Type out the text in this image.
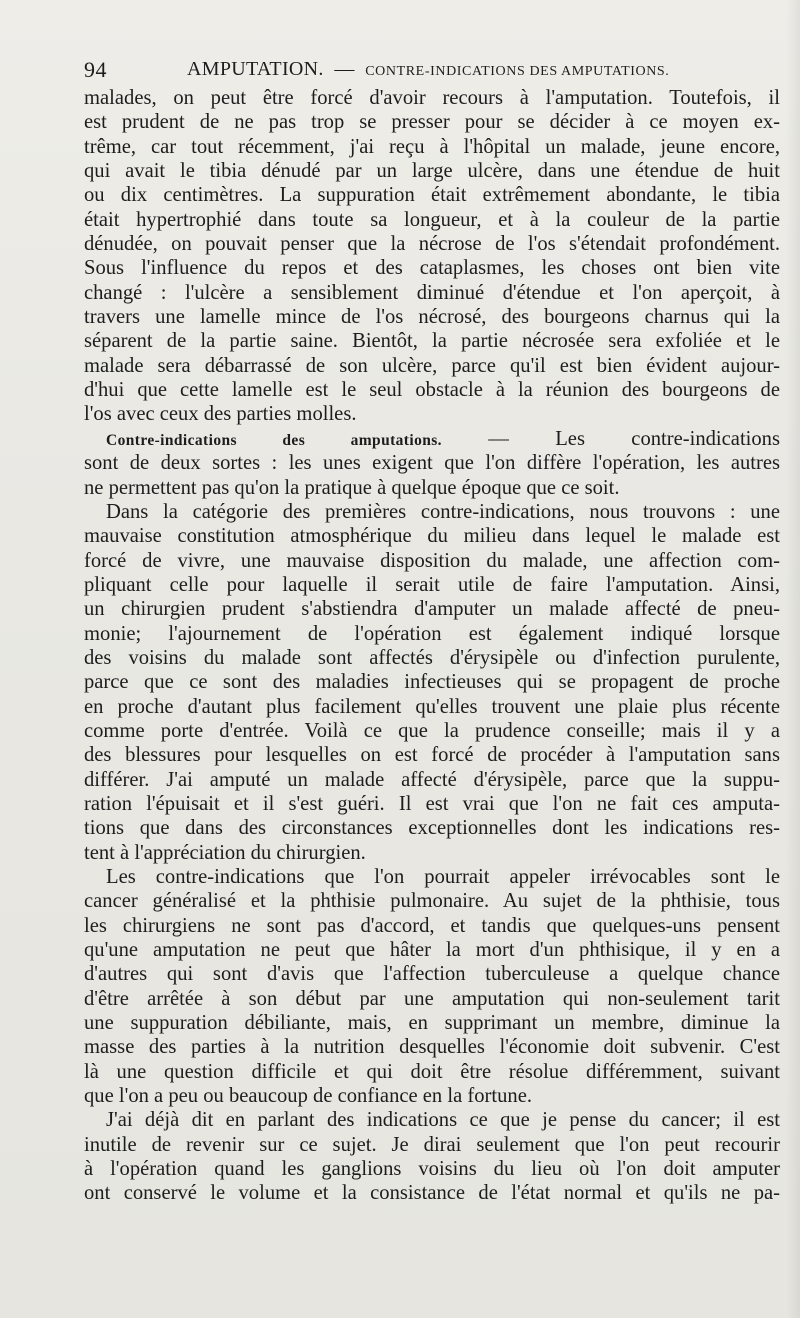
94	AMPUTATION. — CONTRE-INDICATIONS DES AMPUTATIONS.
malades, on peut être forcé d'avoir recours à l'amputation. Toutefois, il
est prudent de ne pas trop se presser pour se décider à ce moyen ex-
trême, car tout récemment, j'ai reçu à l'hôpital un malade, jeune encore,
qui avait le tibia dénudé par un large ulcère, dans une étendue de huit
ou dix centimètres. La suppuration était extrêmement abondante, le tibia
était hypertrophié dans toute sa longueur, et à la couleur de la partie
dénudée, on pouvait penser que la nécrose de l'os s'étendait profondément.
Sous l'influence du repos et des cataplasmes, les choses ont bien vite
changé : l'ulcère a sensiblement diminué d'étendue et l'on aperçoit, à
travers une lamelle mince de l'os nécrosé, des bourgeons charnus qui la
séparent de la partie saine. Bientôt, la partie nécrosée sera exfoliée et le
malade sera débarrassé de son ulcère, parce qu'il est bien évident aujour-
d'hui que cette lamelle est le seul obstacle à la réunion des bourgeons de
l'os avec ceux des parties molles.
Contre-indications des amputations. — Les contre-indications
sont de deux sortes : les unes exigent que l'on diffère l'opération, les autres
ne permettent pas qu'on la pratique à quelque époque que ce soit.
Dans la catégorie des premières contre-indications, nous trouvons : une
mauvaise constitution atmosphérique du milieu dans lequel le malade est
forcé de vivre, une mauvaise disposition du malade, une affection com-
pliquant celle pour laquelle il serait utile de faire l'amputation. Ainsi,
un chirurgien prudent s'abstiendra d'amputer un malade affecté de pneu-
monie; l'ajournement de l'opération est également indiqué lorsque
des voisins du malade sont affectés d'érysipèle ou d'infection purulente,
parce que ce sont des maladies infectieuses qui se propagent de proche
en proche d'autant plus facilement qu'elles trouvent une plaie plus récente
comme porte d'entrée. Voilà ce que la prudence conseille; mais il y a
des blessures pour lesquelles on est forcé de procéder à l'amputation sans
différer. J'ai amputé un malade affecté d'érysipèle, parce que la suppu-
ration l'épuisait et il s'est guéri. Il est vrai que l'on ne fait ces amputa-
tions que dans des circonstances exceptionnelles dont les indications res-
tent à l'appréciation du chirurgien.
Les contre-indications que l'on pourrait appeler irrévocables sont le
cancer généralisé et la phthisie pulmonaire. Au sujet de la phthisie, tous
les chirurgiens ne sont pas d'accord, et tandis que quelques-uns pensent
qu'une amputation ne peut que hâter la mort d'un phthisique, il y en a
d'autres qui sont d'avis que l'affection tuberculeuse a quelque chance
d'être arrêtée à son début par une amputation qui non-seulement tarit
une suppuration débiliante, mais, en supprimant un membre, diminue la
masse des parties à la nutrition desquelles l'économie doit subvenir. C'est
là une question difficile et qui doit être résolue différemment, suivant
que l'on a peu ou beaucoup de confiance en la fortune.
J'ai déjà dit en parlant des indications ce que je pense du cancer; il est
inutile de revenir sur ce sujet. Je dirai seulement que l'on peut recourir
à l'opération quand les ganglions voisins du lieu où l'on doit amputer
ont conservé le volume et la consistance de l'état normal et qu'ils ne pa-
